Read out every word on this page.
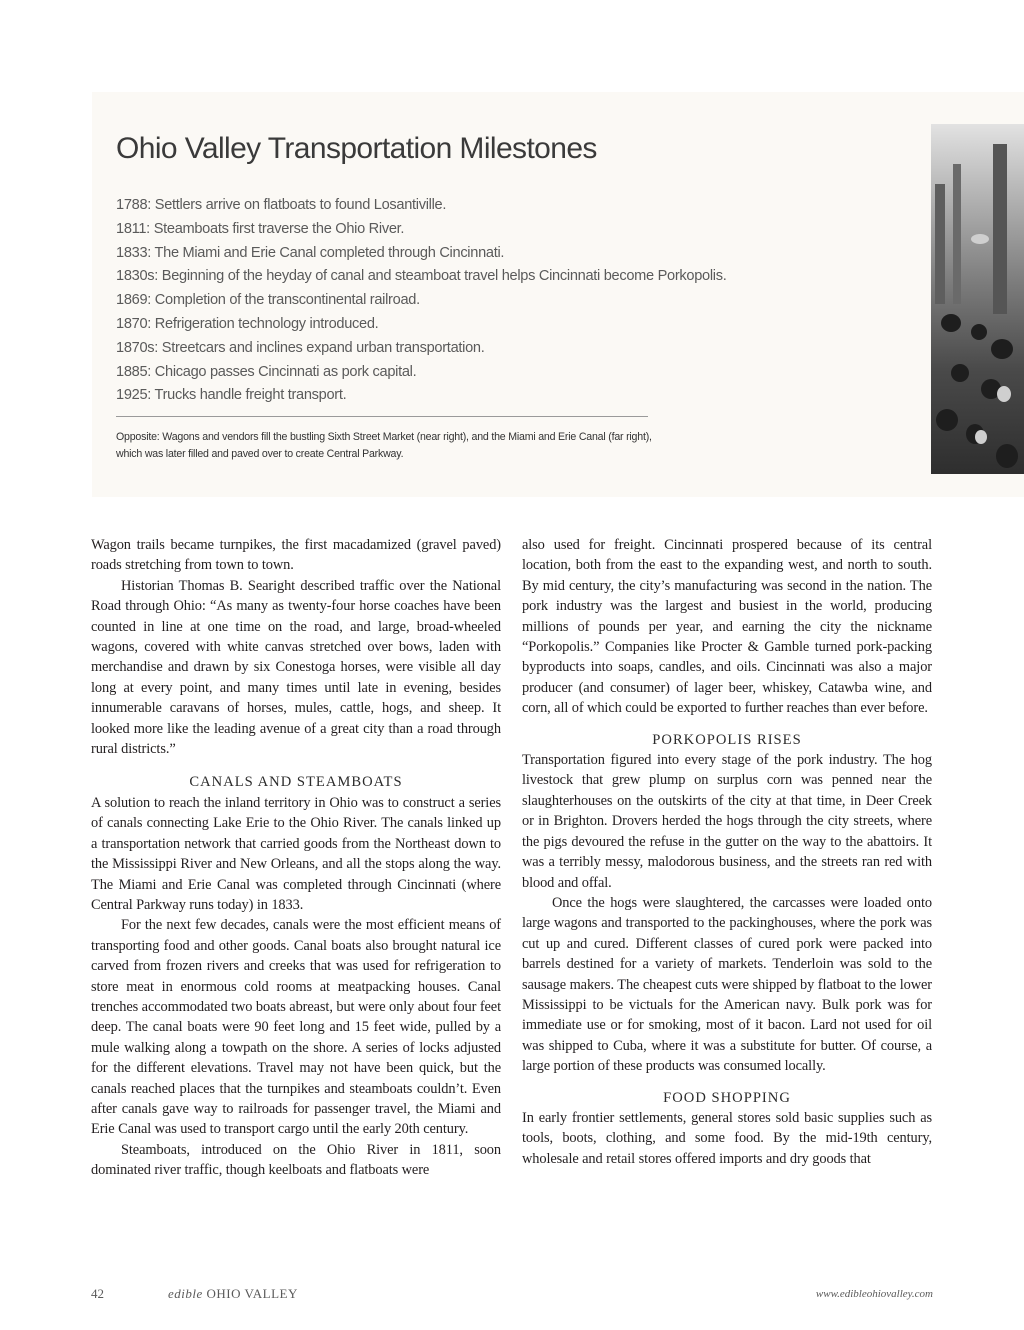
Ohio Valley Transportation Milestones
1788: Settlers arrive on flatboats to found Losantiville.
1811: Steamboats first traverse the Ohio River.
1833: The Miami and Erie Canal completed through Cincinnati.
1830s: Beginning of the heyday of canal and steamboat travel helps Cincinnati become Porkopolis.
1869: Completion of the transcontinental railroad.
1870: Refrigeration technology introduced.
1870s: Streetcars and inclines expand urban transportation.
1885: Chicago passes Cincinnati as pork capital.
1925: Trucks handle freight transport.

Opposite: Wagons and vendors fill the bustling Sixth Street Market (near right), and the Miami and Erie Canal (far right), which was later filled and paved over to create Central Parkway.

Wagon trails became turnpikes, the first macadamized (gravel paved) roads stretching from town to town.

Historian Thomas B. Searight described traffic over the National Road through Ohio: “As many as twenty-four horse coaches have been counted in line at one time on the road, and large, broad-wheeled wagons, covered with white canvas stretched over bows, laden with merchandise and drawn by six Conestoga horses, were visible all day long at every point, and many times until late in evening, besides innumerable caravans of horses, mules, cattle, hogs, and sheep. It looked more like the leading avenue of a great city than a road through rural districts.”

CANALS AND STEAMBOATS

A solution to reach the inland territory in Ohio was to construct a series of canals connecting Lake Erie to the Ohio River. The canals linked up a transportation network that carried goods from the Northeast down to the Mississippi River and New Orleans, and all the stops along the way. The Miami and Erie Canal was completed through Cincinnati (where Central Parkway runs today) in 1833.

For the next few decades, canals were the most efficient means of transporting food and other goods. Canal boats also brought natural ice carved from frozen rivers and creeks that was used for refrigeration to store meat in enormous cold rooms at meatpacking houses. Canal trenches accommodated two boats abreast, but were only about four feet deep. The canal boats were 90 feet long and 15 feet wide, pulled by a mule walking along a towpath on the shore. A series of locks adjusted for the different elevations. Travel may not have been quick, but the canals reached places that the turnpikes and steamboats couldn’t. Even after canals gave way to railroads for passenger travel, the Miami and Erie Canal was used to transport cargo until the early 20th century.

Steamboats, introduced on the Ohio River in 1811, soon dominated river traffic, though keelboats and flatboats were

also used for freight. Cincinnati prospered because of its central location, both from the east to the expanding west, and north to south. By mid century, the city’s manufacturing was second in the nation. The pork industry was the largest and busiest in the world, producing millions of pounds per year, and earning the city the nickname “Porkopolis.” Companies like Procter & Gamble turned pork-packing byproducts into soaps, candles, and oils. Cincinnati was also a major producer (and consumer) of lager beer, whiskey, Catawba wine, and corn, all of which could be exported to further reaches than ever before.

PORKOPOLIS RISES

Transportation figured into every stage of the pork industry. The hog livestock that grew plump on surplus corn was penned near the slaughterhouses on the outskirts of the city at that time, in Deer Creek or in Brighton. Drovers herded the hogs through the city streets, where the pigs devoured the refuse in the gutter on the way to the abattoirs. It was a terribly messy, malodorous business, and the streets ran red with blood and offal.

Once the hogs were slaughtered, the carcasses were loaded onto large wagons and transported to the packinghouses, where the pork was cut up and cured. Different classes of cured pork were packed into barrels destined for a variety of markets. Tenderloin was sold to the sausage makers. The cheapest cuts were shipped by flatboat to the lower Mississippi to be victuals for the American navy. Bulk pork was for immediate use or for smoking, most of it bacon. Lard not used for oil was shipped to Cuba, where it was a substitute for butter. Of course, a large portion of these products was consumed locally.

FOOD SHOPPING

In early frontier settlements, general stores sold basic supplies such as tools, boots, clothing, and some food. By the mid-19th century, wholesale and retail stores offered imports and dry goods that

42	edible OHIO VALLEY	www.edibleohiovalley.com
